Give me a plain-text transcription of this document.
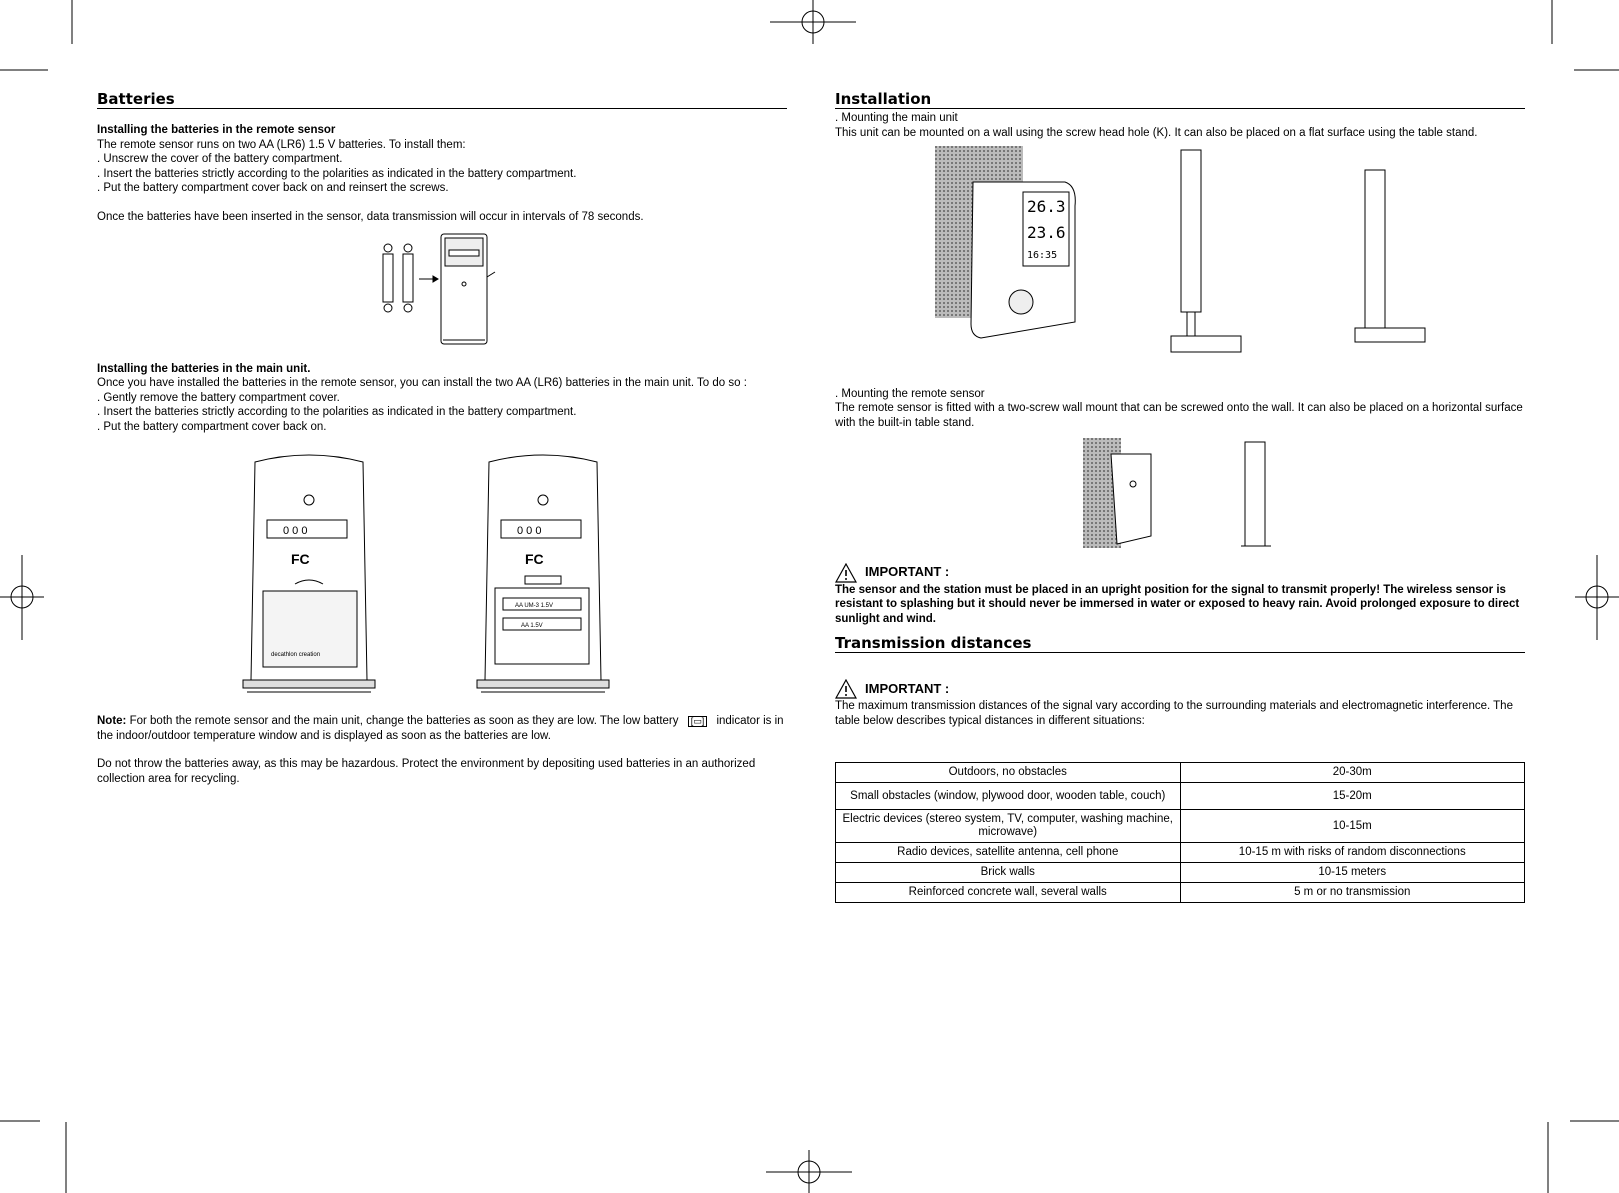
Batteries

Installing the batteries in the remote sensor

The remote sensor runs on two AA (LR6) 1.5 V batteries. To install them:

. Unscrew the cover of the battery compartment.

. Insert the batteries strictly according to the polarities as indicated in the battery compartment.

. Put the battery compartment cover back on and reinsert the screws.

Once the batteries have been inserted in the sensor, data transmission will occur in intervals of 78 seconds.

Installing the batteries in the main unit.

Once you have installed the batteries in the remote sensor, you can install the two AA (LR6) batteries in the main unit. To do so :

. Gently remove the battery compartment cover.

. Insert the batteries strictly according to the polarities as indicated in the battery compartment.

. Put the battery compartment cover back on.

0 0 0
FC
decathlon creation
0 0 0
FC
AA UM-3 1.5V
AA 1.5V

Note: For both the remote sensor and the main unit, change the batteries as soon as they are low. The low battery [▭] indicator is in the indoor/outdoor temperature window and is displayed as soon as the batteries are low.

Do not throw the batteries away, as this may be hazardous. Protect the environment by depositing used batteries in an authorized collection area for recycling.

Installation

. Mounting the main unit

This unit can be mounted on a wall using the screw head hole (K). It can also be placed on a flat surface using the table stand.

26.3
23.6
16:35

. Mounting the remote sensor

The remote sensor is fitted with a two-screw wall mount that can be screwed onto the wall. It can also be placed on a horizontal surface with the built-in table stand.

IMPORTANT :

The sensor and the station must be placed in an upright position for the signal to transmit properly! The wireless sensor is resistant to splashing but it should never be immersed in water or exposed to heavy rain. Avoid prolonged exposure to direct sunlight and wind.

Transmission distances
IMPORTANT :

The maximum transmission distances of the signal vary according to the surrounding materials and electromagnetic interference. The table below describes typical distances in different situations:

Outdoors, no obstacles	20-30m
Small obstacles (window, plywood door, wooden table, couch)	15-20m
Electric devices (stereo system, TV, computer, washing machine, microwave)	10-15m
Radio devices, satellite antenna, cell phone	10-15 m with risks of random disconnections
Brick walls	10-15 meters
Reinforced concrete wall, several walls	5 m or no transmission
